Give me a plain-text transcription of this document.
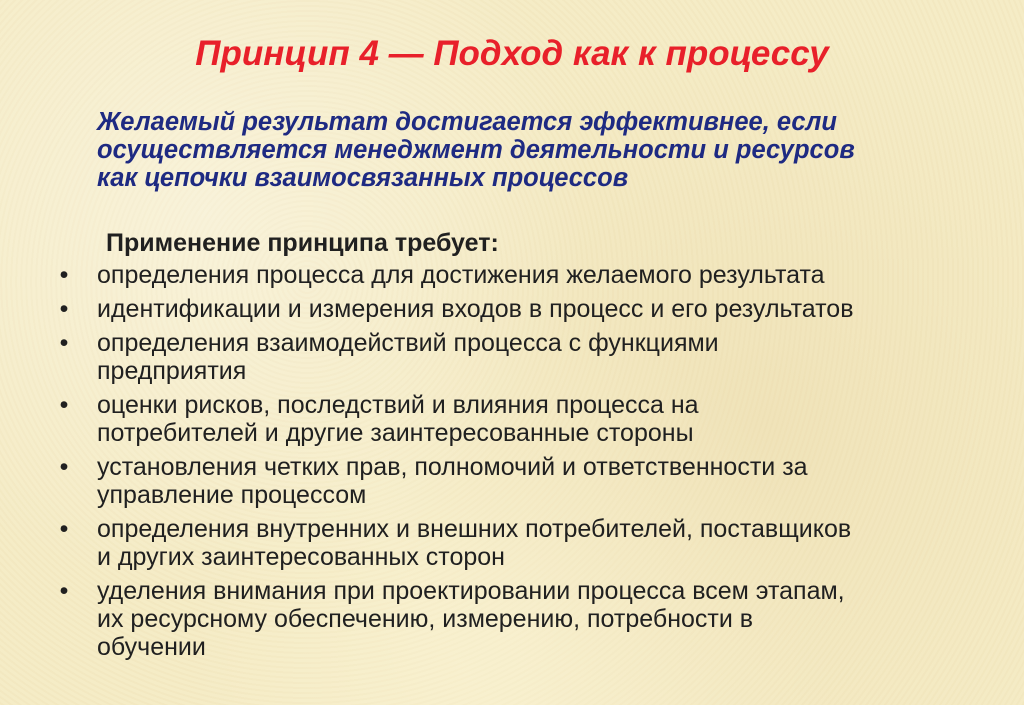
Принцип 4 — Подход как к процессу
Желаемый результат достигается эффективнее, если
осуществляется менеджмент деятельности и ресурсов
как цепочки взаимосвязанных процессов
Применение принципа требует:
• определения процесса для достижения желаемого результата
• идентификации и измерения входов в процесс и его результатов
• определения взаимодействий процесса с функциями
предприятия
• оценки рисков, последствий и влияния процесса на
потребителей и другие заинтересованные стороны
• установления четких прав, полномочий и ответственности за
управление процессом
• определения внутренних и внешних потребителей, поставщиков
и других заинтересованных сторон
• уделения внимания при проектировании процесса всем этапам,
их ресурсному обеспечению, измерению, потребности в
обучении
